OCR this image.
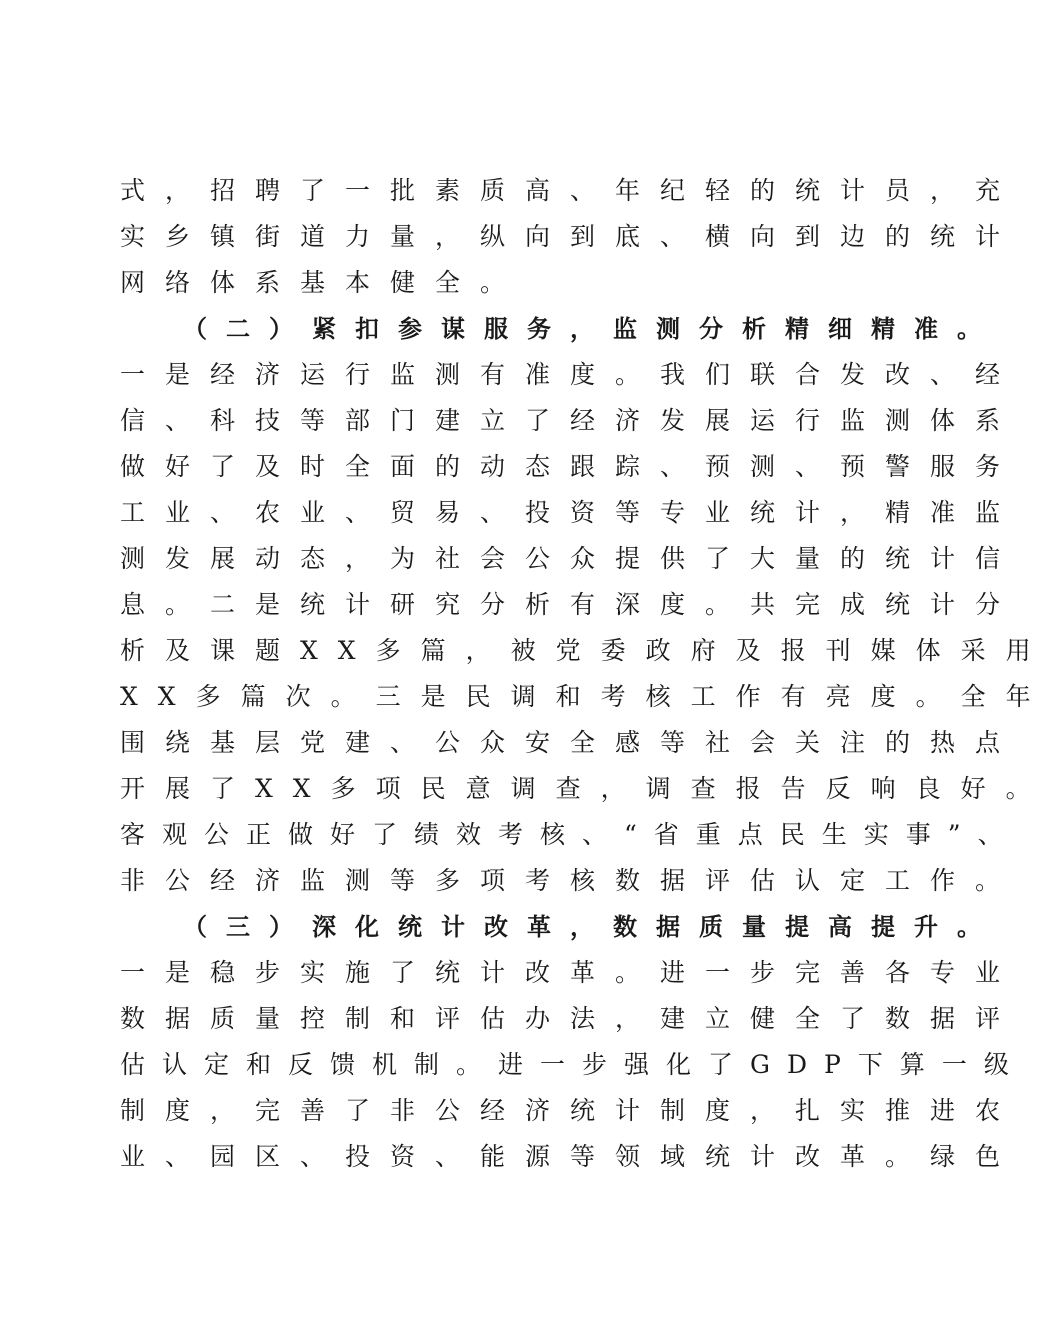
式，招聘了一批素质高、年纪轻的统计员，充
实乡镇街道力量，纵向到底、横向到边的统计
网络体系基本健全。
（二）紧扣参谋服务，监测分析精细精准。
一是经济运行监测有准度。我们联合发改、经
信、科技等部门建立了经济发展运行监测体系
做好了及时全面的动态跟踪、预测、预警服务
工业、农业、贸易、投资等专业统计，精准监
测发展动态，为社会公众提供了大量的统计信
息。二是统计研究分析有深度。共完成统计分
析及课题XX多篇，被党委政府及报刊媒体采用
XX多篇次。三是民调和考核工作有亮度。全年
围绕基层党建、公众安全感等社会关注的热点
开展了XX多项民意调查，调查报告反响良好。
客观公正做好了绩效考核、“省重点民生实事”、
非公经济监测等多项考核数据评估认定工作。
（三）深化统计改革，数据质量提高提升。
一是稳步实施了统计改革。进一步完善各专业
数据质量控制和评估办法，建立健全了数据评
估认定和反馈机制。进一步强化了GDP下算一级
制度，完善了非公经济统计制度，扎实推进农
业、园区、投资、能源等领域统计改革。绿色
